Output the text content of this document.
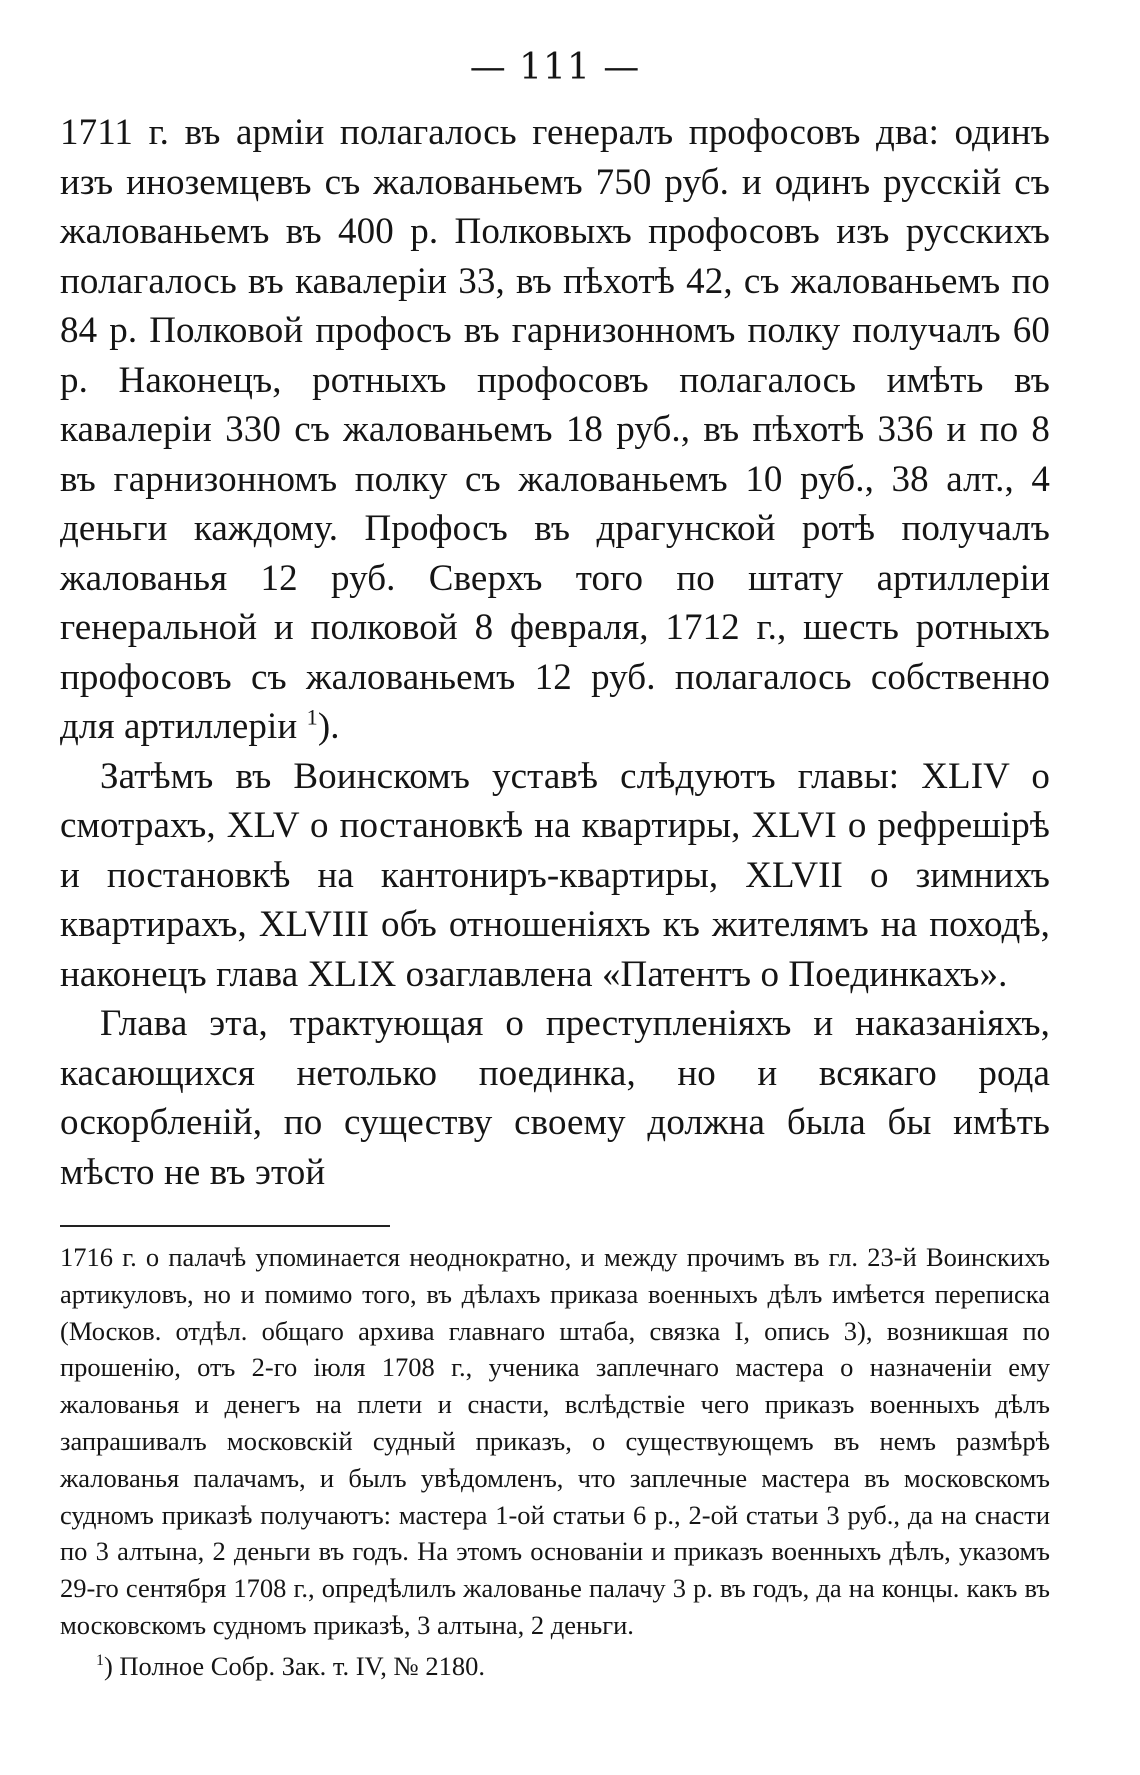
— 111 —

1711 г. въ арміи полагалось генералъ профосовъ два: одинъ изъ иноземцевъ съ жалованьемъ 750 руб. и одинъ русскій съ жалованьемъ въ 400 р. Полковыхъ профосовъ изъ русскихъ полагалось въ кавалеріи 33, въ пѣхотѣ 42, съ жалованьемъ по 84 р. Полковой профосъ въ гарнизонномъ полку получалъ 60 р. Наконецъ, ротныхъ профосовъ полагалось имѣть въ кавалеріи 330 съ жалованьемъ 18 руб., въ пѣхотѣ 336 и по 8 въ гарнизонномъ полку съ жалованьемъ 10 руб., 38 алт., 4 деньги каждому. Профосъ въ драгунской ротѣ получалъ жалованья 12 руб. Сверхъ того по штату артиллеріи генеральной и полковой 8 февраля, 1712 г., шесть ротныхъ профосовъ съ жалованьемъ 12 руб. полагалось собственно для артиллеріи $^1$).

Затѣмъ въ Воинскомъ уставѣ слѣдуютъ главы: XLIV о смотрахъ, XLV о постановкѣ на квартиры, XLVI о рефрешірѣ и постановкѣ на кантониръ-квартиры, XLVII о зимнихъ квартирахъ, XLVIII объ отношеніяхъ къ жителямъ на походѣ, наконецъ глава XLIX озаглавлена «Патентъ о Поединкахъ».

Глава эта, трактующая о преступленіяхъ и наказаніяхъ, касающихся нетолько поединка, но и всякаго рода оскорбленій, по существу своему должна была бы имѣть мѣсто не въ этой

1716 г. о палачѣ упоминается неоднократно, и между прочимъ въ гл. 23-й Воинскихъ артикуловъ, но и помимо того, въ дѣлахъ приказа военныхъ дѣлъ имѣется переписка (Москов. отдѣл. общаго архива главнаго штаба, связка I, опись 3), возникшая по прошенію, отъ 2-го іюля 1708 г., ученика заплечнаго мастера о назначеніи ему жалованья и денегъ на плети и снасти, вслѣдствіе чего приказъ военныхъ дѣлъ запрашивалъ московскій судный приказъ, о существующемъ въ немъ размѣрѣ жалованья палачамъ, и былъ увѣдомленъ, что заплечные мастера въ московскомъ судномъ приказѣ получаютъ: мастера 1-ой статьи 6 р., 2-ой статьи 3 руб., да на снасти по 3 алтына, 2 деньги въ годъ. На этомъ основаніи и приказъ военныхъ дѣлъ, указомъ 29-го сентября 1708 г., опредѣлилъ жалованье палачу 3 р. въ годъ, да на концы. какъ въ московскомъ судномъ приказѣ, 3 алтына, 2 деньги.

$^1$) Полное Собр. Зак. т. IV, № 2180.
